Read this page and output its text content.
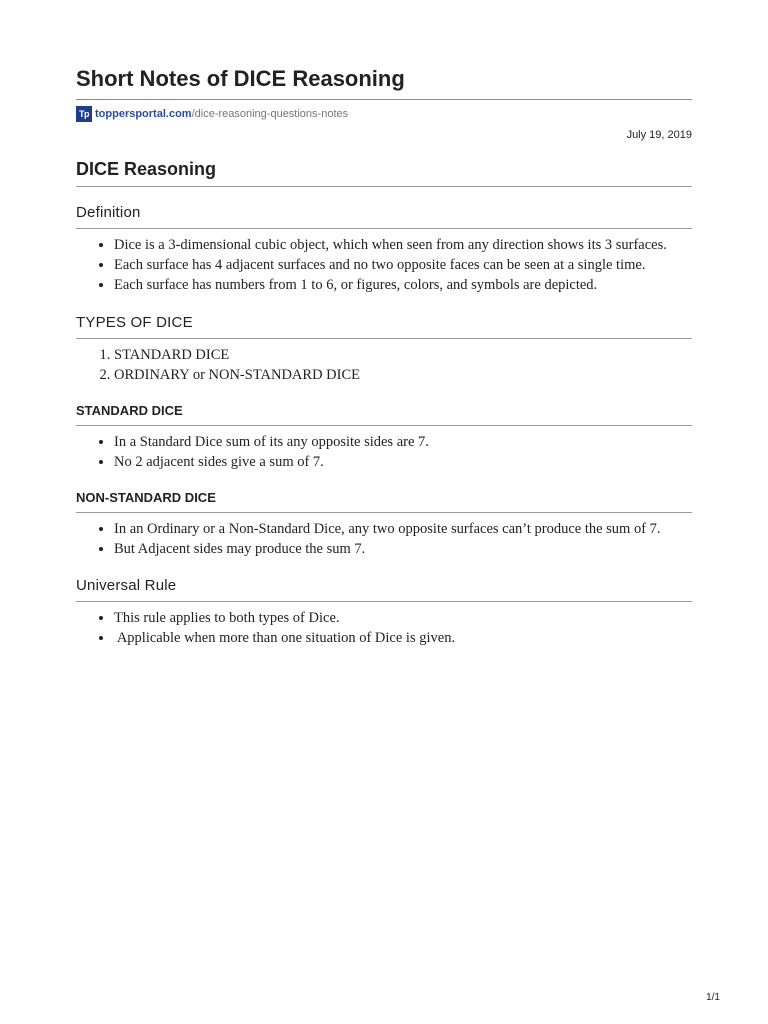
Short Notes of DICE Reasoning
Tp toppersportal.com/dice-reasoning-questions-notes
July 19, 2019
DICE Reasoning
Definition
• Dice is a 3-dimensional cubic object, which when seen from any direction shows its 3 surfaces.
• Each surface has 4 adjacent surfaces and no two opposite faces can be seen at a single time.
• Each surface has numbers from 1 to 6, or figures, colors, and symbols are depicted.
TYPES OF DICE
1. STANDARD DICE
2. ORDINARY or NON-STANDARD DICE
STANDARD DICE
• In a Standard Dice sum of its any opposite sides are 7.
• No 2 adjacent sides give a sum of 7.
NON-STANDARD DICE
• In an Ordinary or a Non-Standard Dice, any two opposite surfaces can’t produce the sum of 7.
• But Adjacent sides may produce the sum 7.
Universal Rule
• This rule applies to both types of Dice.
•  Applicable when more than one situation of Dice is given.
1/1
